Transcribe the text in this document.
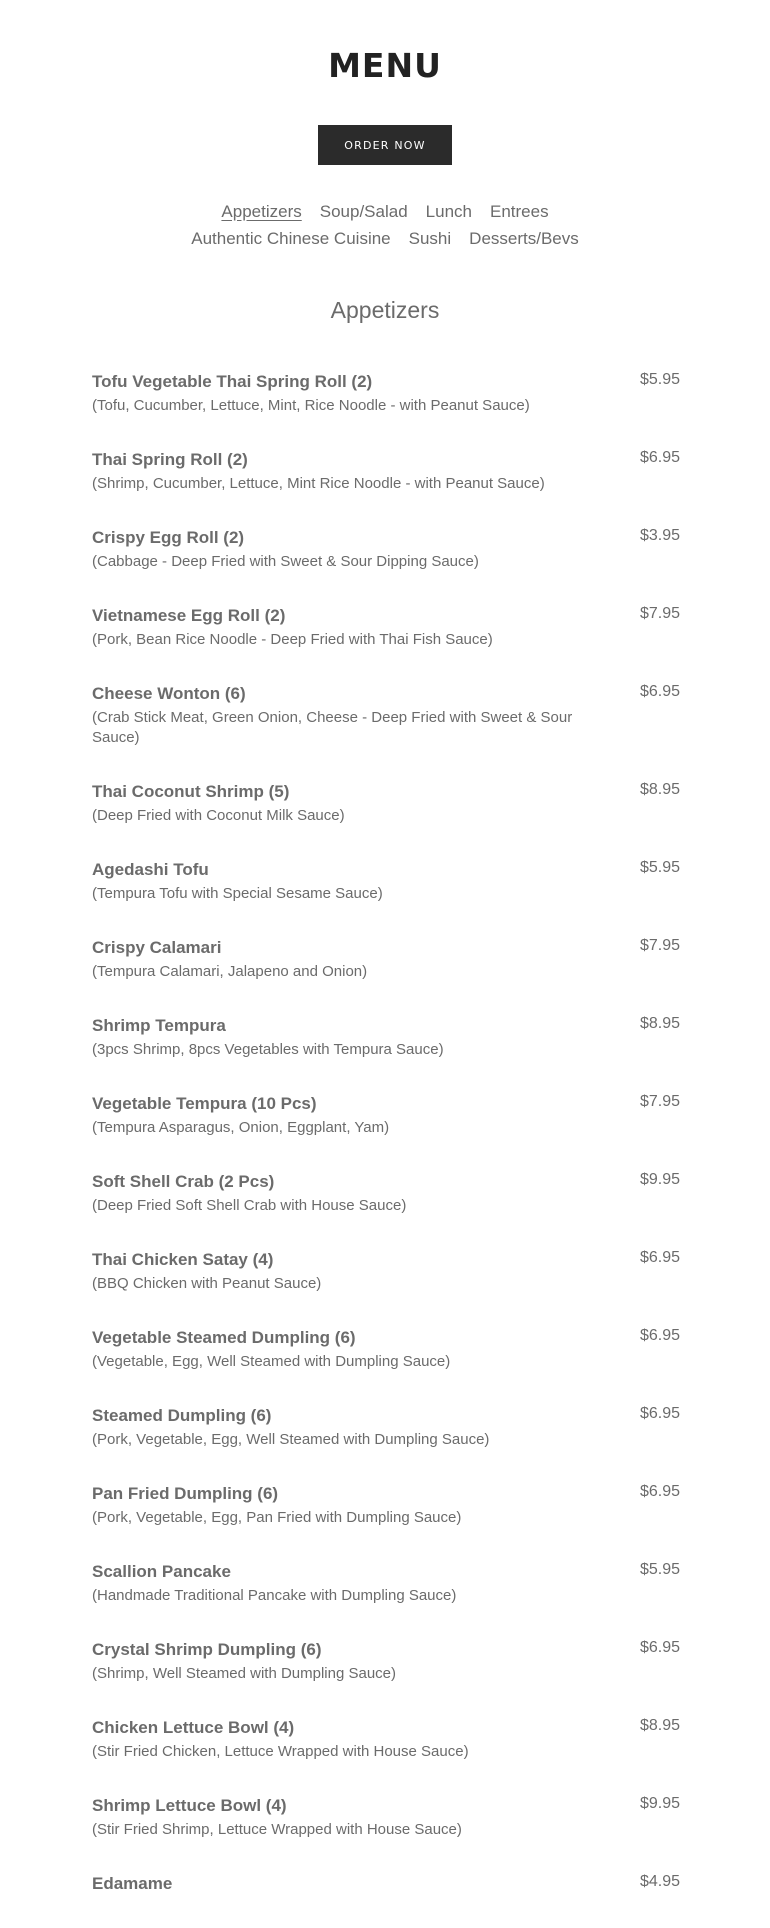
MENU
ORDER NOW
Appetizers Soup/Salad Lunch Entrees
Authentic Chinese Cuisine Sushi Desserts/Bevs
Appetizers
Tofu Vegetable Thai Spring Roll (2)
(Tofu, Cucumber, Lettuce, Mint, Rice Noodle - with Peanut Sauce)
$5.95
Thai Spring Roll (2)
(Shrimp, Cucumber, Lettuce, Mint Rice Noodle - with Peanut Sauce)
$6.95
Crispy Egg Roll (2)
(Cabbage - Deep Fried with Sweet & Sour Dipping Sauce)
$3.95
Vietnamese Egg Roll (2)
(Pork, Bean Rice Noodle - Deep Fried with Thai Fish Sauce)
$7.95
Cheese Wonton (6)
(Crab Stick Meat, Green Onion, Cheese - Deep Fried with Sweet & Sour Sauce)
$6.95
Thai Coconut Shrimp (5)
(Deep Fried with Coconut Milk Sauce)
$8.95
Agedashi Tofu
(Tempura Tofu with Special Sesame Sauce)
$5.95
Crispy Calamari
(Tempura Calamari, Jalapeno and Onion)
$7.95
Shrimp Tempura
(3pcs Shrimp, 8pcs Vegetables with Tempura Sauce)
$8.95
Vegetable Tempura (10 Pcs)
(Tempura Asparagus, Onion, Eggplant, Yam)
$7.95
Soft Shell Crab (2 Pcs)
(Deep Fried Soft Shell Crab with House Sauce)
$9.95
Thai Chicken Satay (4)
(BBQ Chicken with Peanut Sauce)
$6.95
Vegetable Steamed Dumpling (6)
(Vegetable, Egg, Well Steamed with Dumpling Sauce)
$6.95
Steamed Dumpling (6)
(Pork, Vegetable, Egg, Well Steamed with Dumpling Sauce)
$6.95
Pan Fried Dumpling (6)
(Pork, Vegetable, Egg, Pan Fried with Dumpling Sauce)
$6.95
Scallion Pancake
(Handmade Traditional Pancake with Dumpling Sauce)
$5.95
Crystal Shrimp Dumpling (6)
(Shrimp, Well Steamed with Dumpling Sauce)
$6.95
Chicken Lettuce Bowl (4)
(Stir Fried Chicken, Lettuce Wrapped with House Sauce)
$8.95
Shrimp Lettuce Bowl (4)
(Stir Fried Shrimp, Lettuce Wrapped with House Sauce)
$9.95
Edamame	$4.95
